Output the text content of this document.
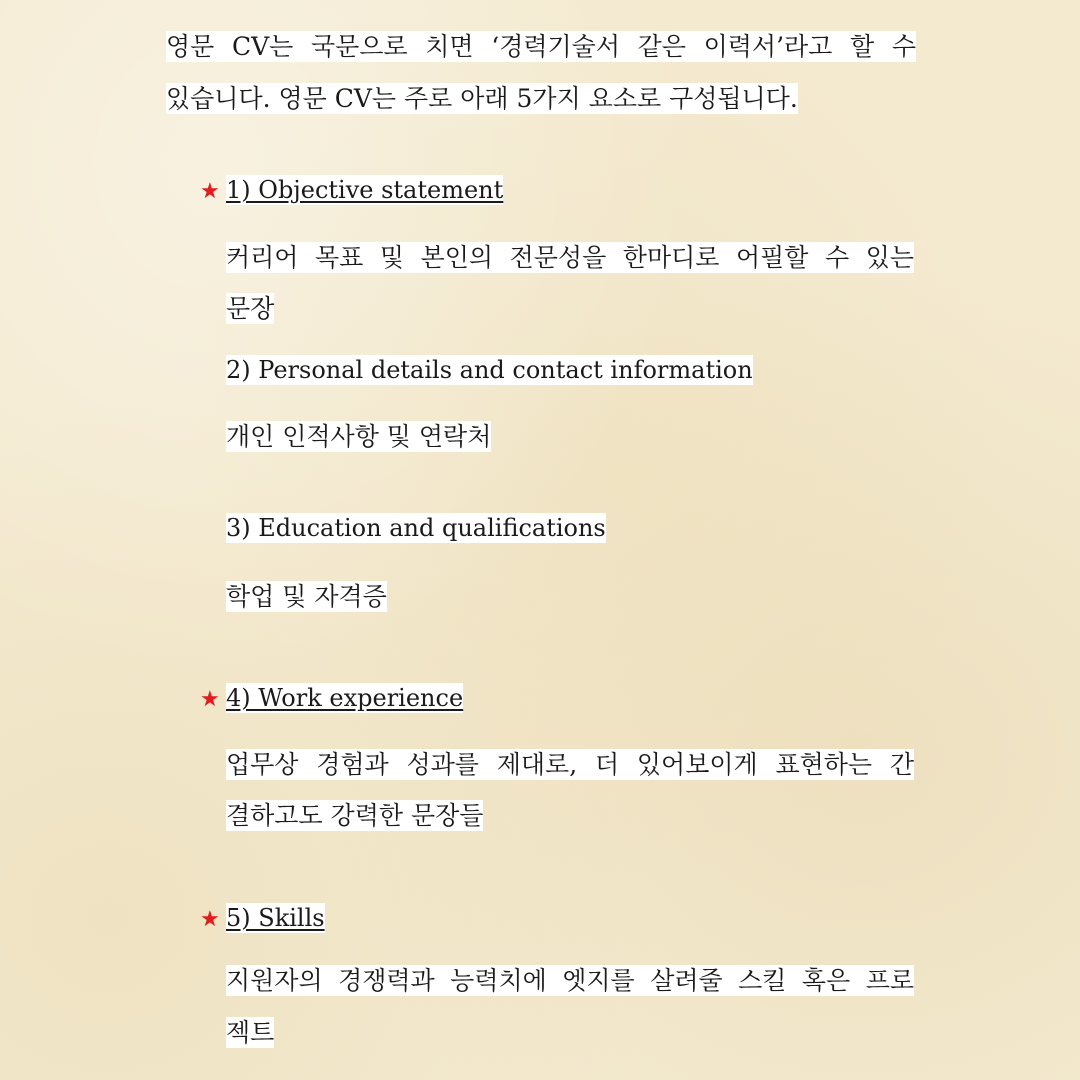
영문 CV는 국문으로 치면 ‘경력기술서 같은 이력서’라고 할 수
있습니다. 영문 CV는 주로 아래 5가지 요소로 구성됩니다.
★ 1) Objective statement
커리어 목표 및 본인의 전문성을 한마디로 어필할 수 있는
문장
2) Personal details and contact information
개인 인적사항 및 연락처
3) Education and qualifications
학업 및 자격증
★ 4) Work experience
업무상 경험과 성과를 제대로, 더 있어보이게 표현하는 간
결하고도 강력한 문장들
★ 5) Skills
지원자의 경쟁력과 능력치에 엣지를 살려줄 스킬 혹은 프로
젝트
